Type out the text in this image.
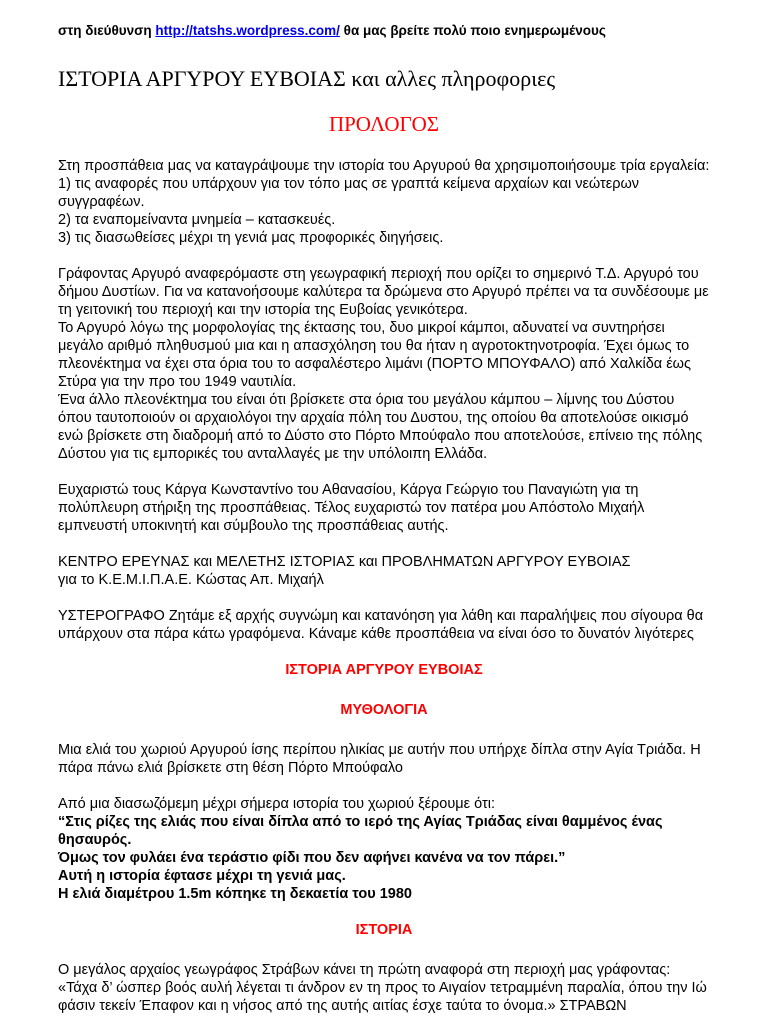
στη διεύθυνση http://tatshs.wordpress.com/ θα μας βρείτε πολύ ποιο ενημερωμένους
ΙΣΤΟΡΙΑ ΑΡΓΥΡΟΥ ΕΥΒΟΙΑΣ και αλλες πληροφοριες
ΠΡΟΛΟΓΟΣ

Στη προσπάθεια μας να καταγράψουμε την ιστορία του Αργυρού θα χρησιμοποιήσουμε τρία εργαλεία:

1) τις αναφορές που υπάρχουν για τον τόπο μας σε γραπτά κείμενα αρχαίων και νεώτερων συγγραφέων.

2) τα εναπομείναντα μνημεία – κατασκευές.

3) τις διασωθείσες μέχρι τη γενιά μας προφορικές διηγήσεις.

Γράφοντας Αργυρό αναφερόμαστε στη γεωγραφική περιοχή που ορίζει το σημερινό Τ.Δ. Αργυρό του δήμου Δυστίων. Για να κατανοήσουμε καλύτερα τα δρώμενα στο Αργυρό πρέπει να τα συνδέσουμε με τη γειτονική του περιοχή και την ιστορία της Ευβοίας γενικότερα.

Το Αργυρό λόγω της μορφολογίας της έκτασης του, δυο μικροί κάμποι, αδυνατεί να συντηρήσει μεγάλο αριθμό πληθυσμού μια και η απασχόληση του θα ήταν η αγροτοκτηνοτροφία. Έχει όμως το πλεονέκτημα να έχει στα όρια του το ασφαλέστερο λιμάνι (ΠΟΡΤΟ ΜΠΟΥΦΑΛΟ) από Χαλκίδα έως Στύρα για την προ του 1949 ναυτιλία.

Ένα άλλο πλεονέκτημα του είναι ότι βρίσκετε στα όρια του μεγάλου κάμπου – λίμνης του Δύστου όπου ταυτοποιούν οι αρχαιολόγοι την αρχαία πόλη του Δυστου, της οποίου θα αποτελούσε οικισμό ενώ βρίσκετε στη διαδρομή από το Δύστο στο Πόρτο Μπούφαλο που αποτελούσε, επίνειο της πόλης Δύστου για τις εμπορικές του ανταλλαγές με την υπόλοιπη Ελλάδα.

Ευχαριστώ τους Κάργα Κωνσταντίνο του Αθανασίου, Κάργα Γεώργιο του Παναγιώτη για τη πολύπλευρη στήριξη της προσπάθειας. Τέλος ευχαριστώ τον πατέρα μου Απόστολο Μιχαήλ εμπνευστή υποκινητή και σύμβουλο της προσπάθειας αυτής.

ΚΕΝΤΡΟ ΕΡΕΥΝΑΣ και ΜΕΛΕΤΗΣ ΙΣΤΟΡΙΑΣ και ΠΡΟΒΛΗΜΑΤΩΝ ΑΡΓΥΡΟΥ ΕΥΒΟΙΑΣ

για το Κ.Ε.Μ.Ι.Π.Α.Ε. Κώστας Απ. Μιχαήλ

ΥΣΤΕΡΟΓΡΑΦΟ Ζητάμε εξ αρχής συγνώμη και κατανόηση για λάθη και παραλήψεις που σίγουρα θα υπάρχουν στα πάρα κάτω γραφόμενα. Κάναμε κάθε προσπάθεια να είναι όσο το δυνατόν λιγότερες

ΙΣΤΟΡΙΑ ΑΡΓΥΡΟΥ ΕΥΒΟΙΑΣ
ΜΥΘΟΛΟΓΙΑ

Μια ελιά του χωριού Αργυρού ίσης περίπου ηλικίας με αυτήν που υπήρχε δίπλα στην Αγία Τριάδα. Η πάρα πάνω ελιά βρίσκετε στη θέση Πόρτο Μπούφαλο

Από μια διασωζόμεμη μέχρι σήμερα ιστορία του χωριού ξέρουμε ότι:

“Στις ρίζες της ελιάς που είναι δίπλα από το ιερό της Αγίας Τριάδας είναι θαμμένος ένας θησαυρός.

Όμως τον φυλάει ένα τεράστιο φίδι που δεν αφήνει κανένα να τον πάρει.”

Αυτή η ιστορία έφτασε μέχρι τη γενιά μας.

Η ελιά διαμέτρου 1.5m κόπηκε τη δεκαετία του 1980

ΙΣΤΟΡΙΑ

Ο μεγάλος αρχαίος γεωγράφος Στράβων κάνει τη πρώτη αναφορά στη περιοχή μας γράφοντας: «Τάχα δ’ ώσπερ βοός αυλή λέγεται τι άνδρον εν τη προς το Αιγαίον τετραμμένη παραλία, όπου την Ιώ φάσιν τεκείν Έπαφον και η νήσος από της αυτής αιτίας έσχε ταύτα το όνομα.» ΣΤΡΑΒΩΝ
